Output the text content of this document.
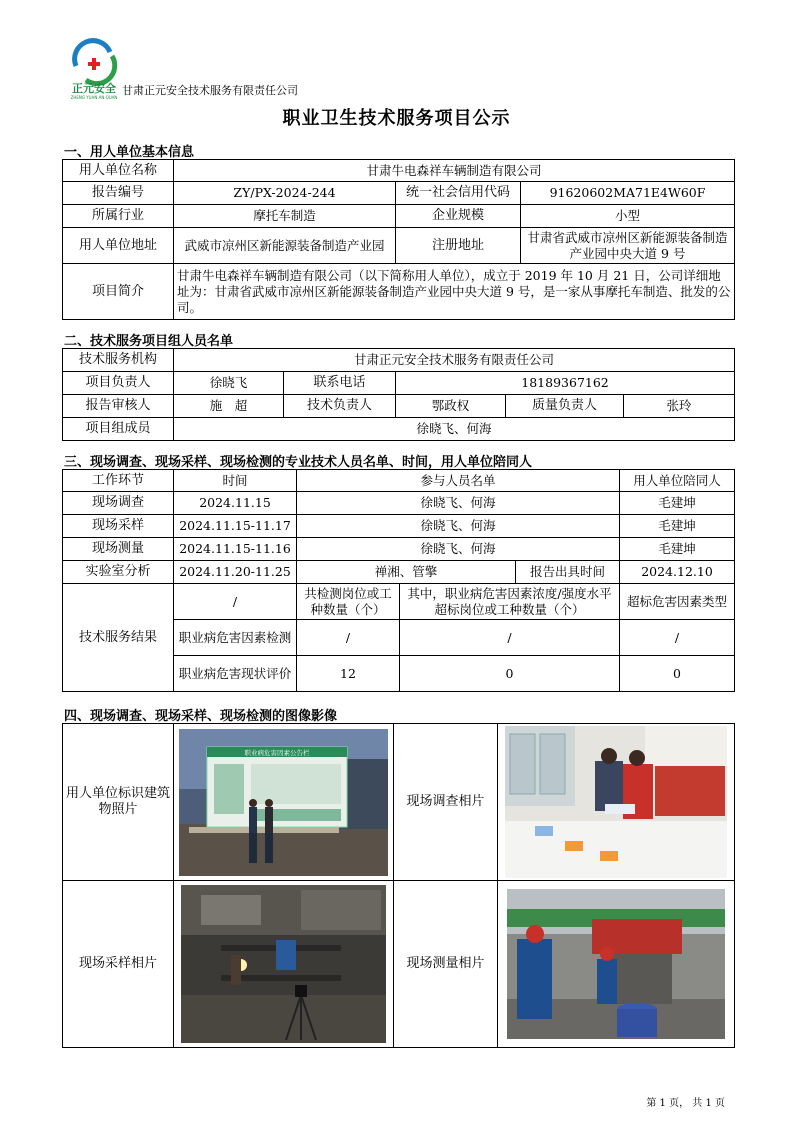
正元安全
ZHENG YUAN AN QUAN
甘肃正元安全技术服务有限责任公司
职业卫生技术服务项目公示
一、用人单位基本信息
用人单位名称	甘肃牛电森祥车辆制造有限公司		
报告编号	ZY/PX-2024-244	统一社会信用代码	91620602MA71E4W60F
所属行业	摩托车制造	企业规模	小型
用人单位地址	武威市凉州区新能源装备制造产业园	注册地址	甘肃省武威市凉州区新能源装备制造产业园中央大道 9 号
项目简介	甘肃牛电森祥车辆制造有限公司（以下简称用人单位），成立于 2019 年 10 月 21 日，公司详细地址为：甘肃省武威市凉州区新能源装备制造产业园中央大道 9 号，是一家从事摩托车制造、批发的公司。		
二、技术服务项目组人员名单
技术服务机构	甘肃正元安全技术服务有限责任公司				
项目负责人	徐晓飞	联系电话	18189367162		
报告审核人	施　超	技术负责人	鄂政权	质量负责人	张玲
项目组成员	徐晓飞、何海				
三、现场调查、现场采样、现场检测的专业技术人员名单、时间，用人单位陪同人
工作环节	时间	参与人员名单			用人单位陪同人
现场调查	2024.11.15	徐晓飞、何海			毛建坤
现场采样	2024.11.15-11.17	徐晓飞、何海			毛建坤
现场测量	2024.11.15-11.16	徐晓飞、何海			毛建坤
实验室分析	2024.11.20-11.25	禅湘、管擎		报告出具时间	2024.12.10
技术服务结果	/	共检测岗位或工种数量（个）	其中，职业病危害因素浓度/强度水平超标岗位或工种数量（个）		超标危害因素类型
	职业病危害因素检测	/	/		/
	职业病危害现状评价	12	0		0
四、现场调查、现场采样、现场检测的图像影像
用人单位标识建筑物照片	职业病危害因素公告栏	现场调查相片	

现场采样相片		现场测量相片	
第 1 页， 共 1 页
